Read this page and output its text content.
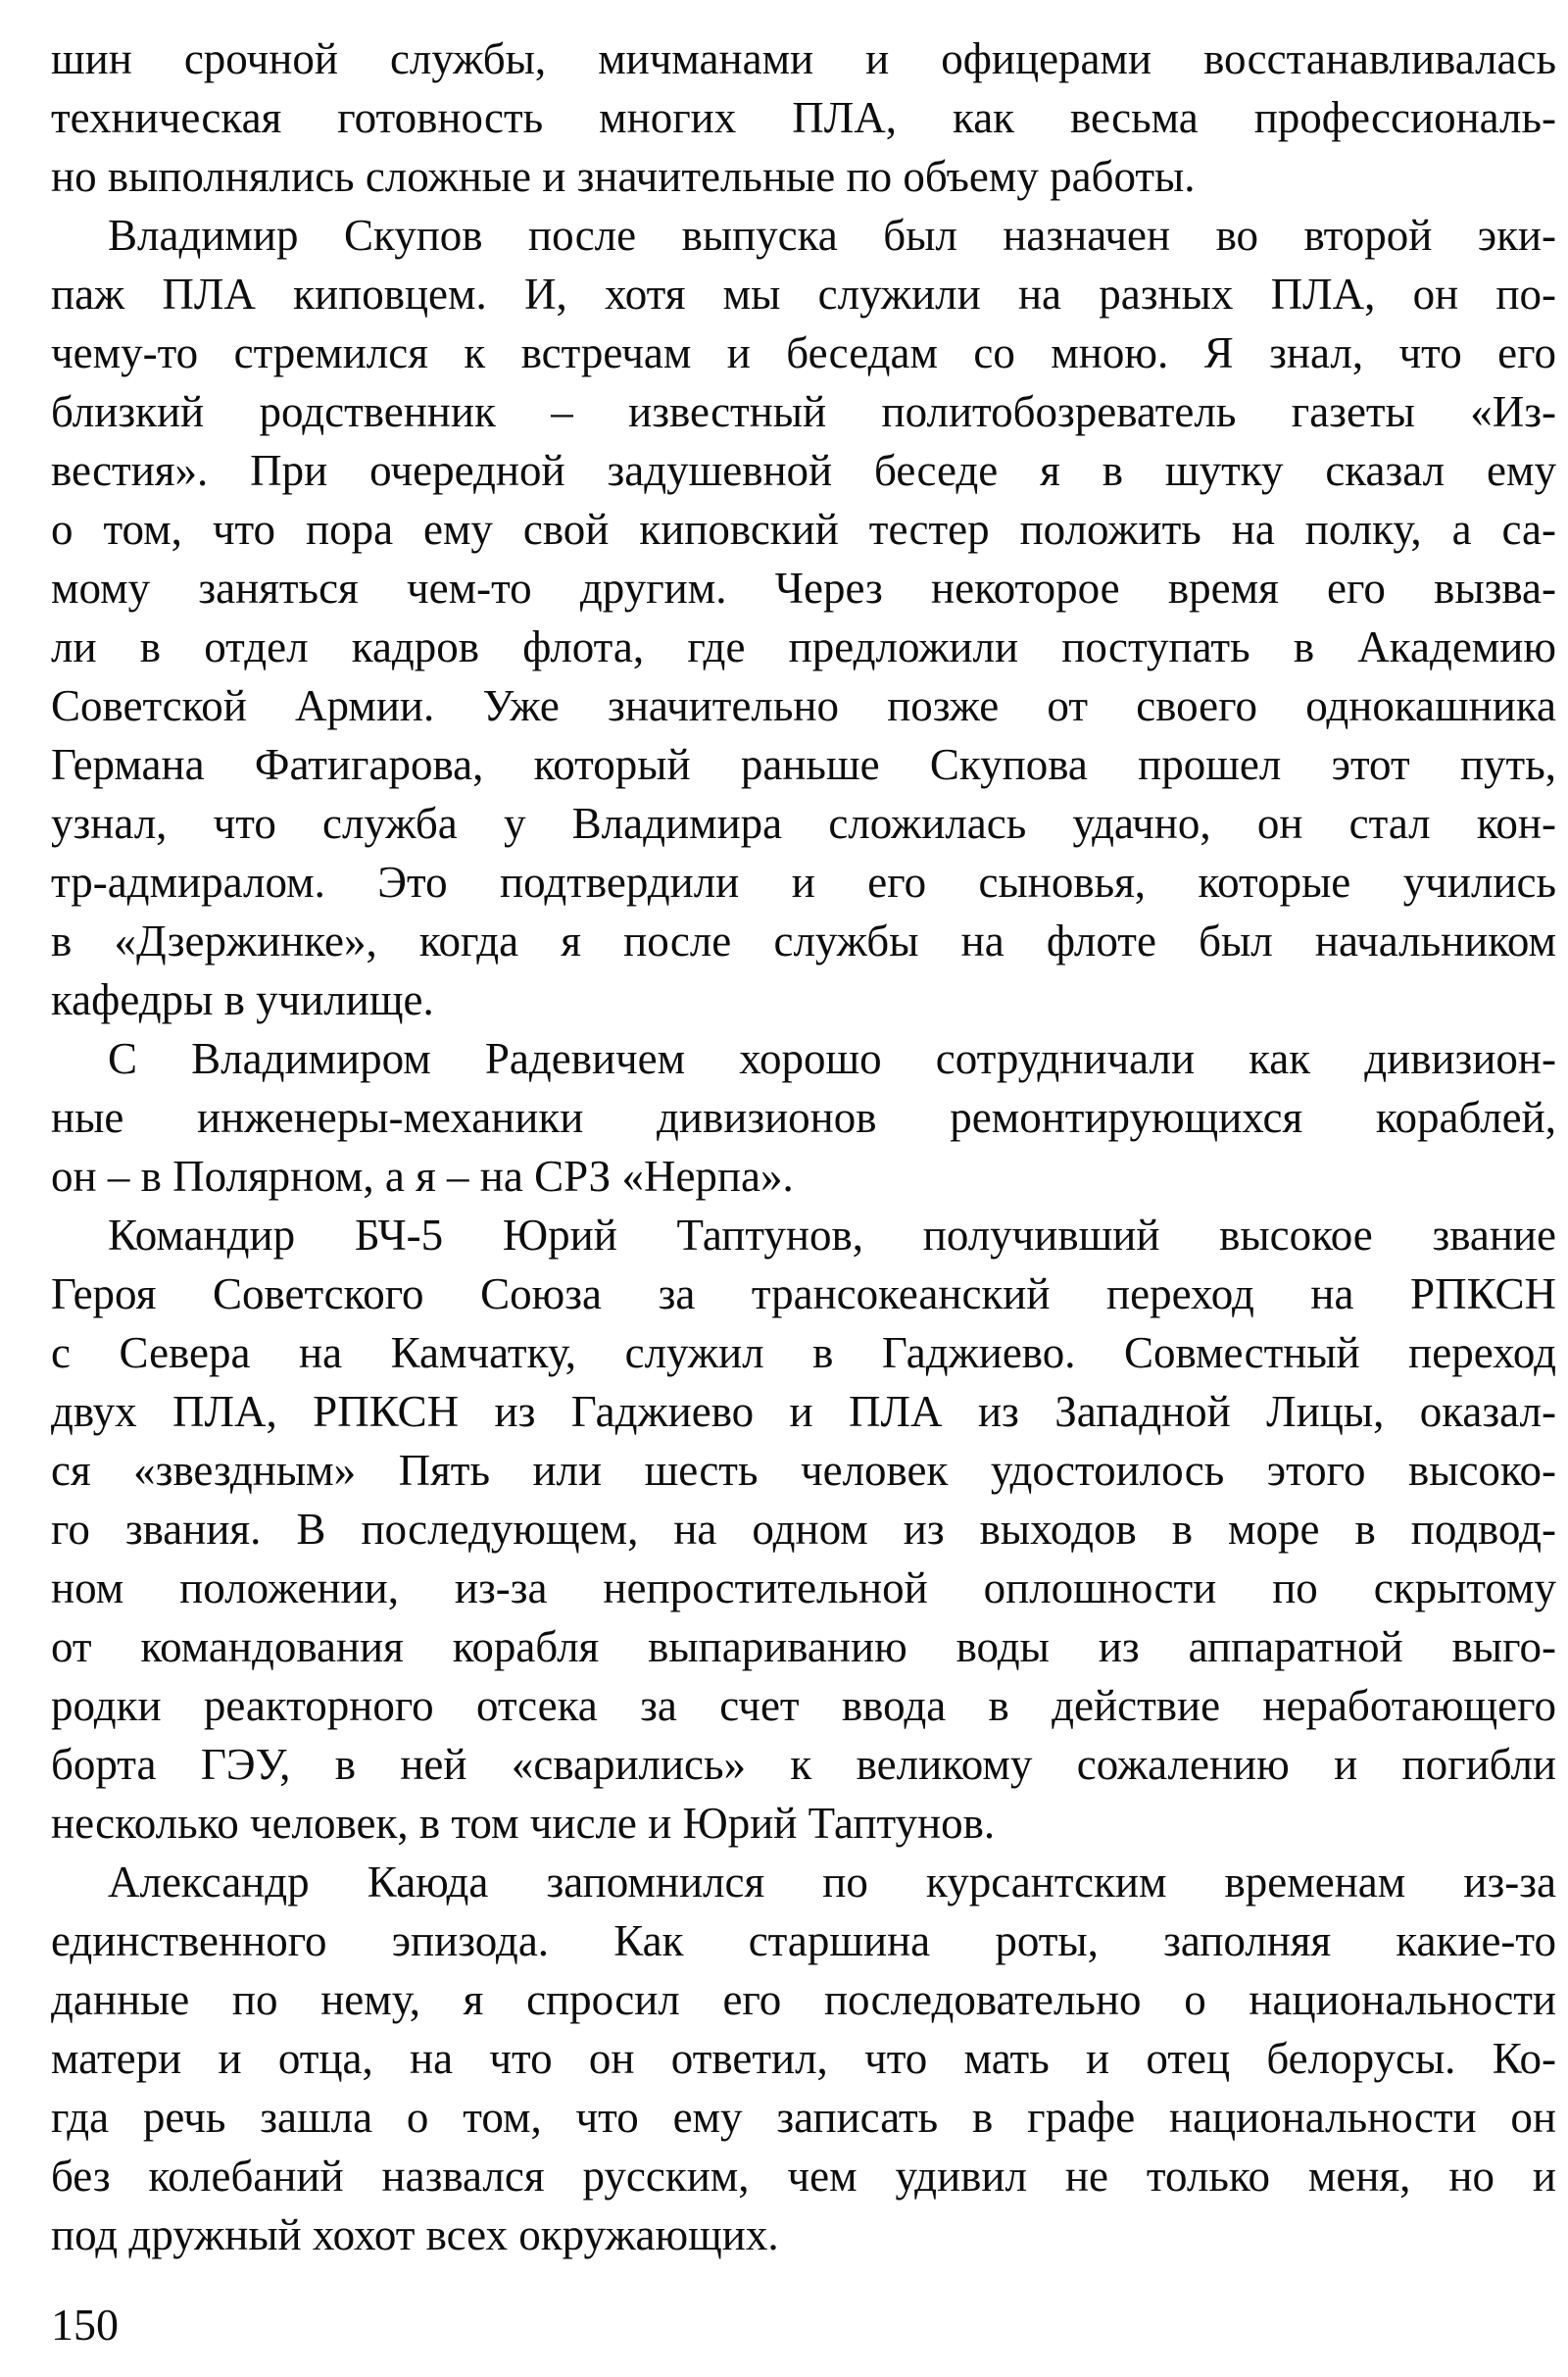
шин срочной службы, мичманами и офицерами восстанавливалась
техническая готовность многих ПЛА, как весьма профессиональ-
но выполнялись сложные и значительные по объему работы.
Владимир Скупов после выпуска был назначен во второй эки-
паж ПЛА киповцем. И, хотя мы служили на разных ПЛА, он по-
чему-то стремился к встречам и беседам со мною. Я знал, что его
близкий родственник – известный политобозреватель газеты «Из-
вестия». При очередной задушевной беседе я в шутку сказал ему
о том, что пора ему свой киповский тестер положить на полку, а са-
мому заняться чем-то другим. Через некоторое время его вызва-
ли в отдел кадров флота, где предложили поступать в Академию
Советской Армии. Уже значительно позже от своего однокашника
Германа Фатигарова, который раньше Скупова прошел этот путь,
узнал, что служба у Владимира сложилась удачно, он стал кон-
тр-адмиралом. Это подтвердили и его сыновья, которые учились
в «Дзержинке», когда я после службы на флоте был начальником
кафедры в училище.
С Владимиром Радевичем хорошо сотрудничали как дивизион-
ные инженеры-механики дивизионов ремонтирующихся кораблей,
он – в Полярном, а я – на СРЗ «Нерпа».
Командир БЧ-5 Юрий Таптунов, получивший высокое звание
Героя Советского Союза за трансокеанский переход на РПКСН
с Севера на Камчатку, служил в Гаджиево. Совместный переход
двух ПЛА, РПКСН из Гаджиево и ПЛА из Западной Лицы, оказал-
ся «звездным» Пять или шесть человек удостоилось этого высоко-
го звания. В последующем, на одном из выходов в море в подвод-
ном положении, из-за непростительной оплошности по скрытому
от командования корабля выпариванию воды из аппаратной выго-
родки реакторного отсека за счет ввода в действие неработающего
борта ГЭУ, в ней «сварились» к великому сожалению и погибли
несколько человек, в том числе и Юрий Таптунов.
Александр Каюда запомнился по курсантским временам из-за
единственного эпизода. Как старшина роты, заполняя какие-то
данные по нему, я спросил его последовательно о национальности
матери и отца, на что он ответил, что мать и отец белорусы. Ко-
гда речь зашла о том, что ему записать в графе национальности он
без колебаний назвался русским, чем удивил не только меня, но и
под дружный хохот всех окружающих.
150
